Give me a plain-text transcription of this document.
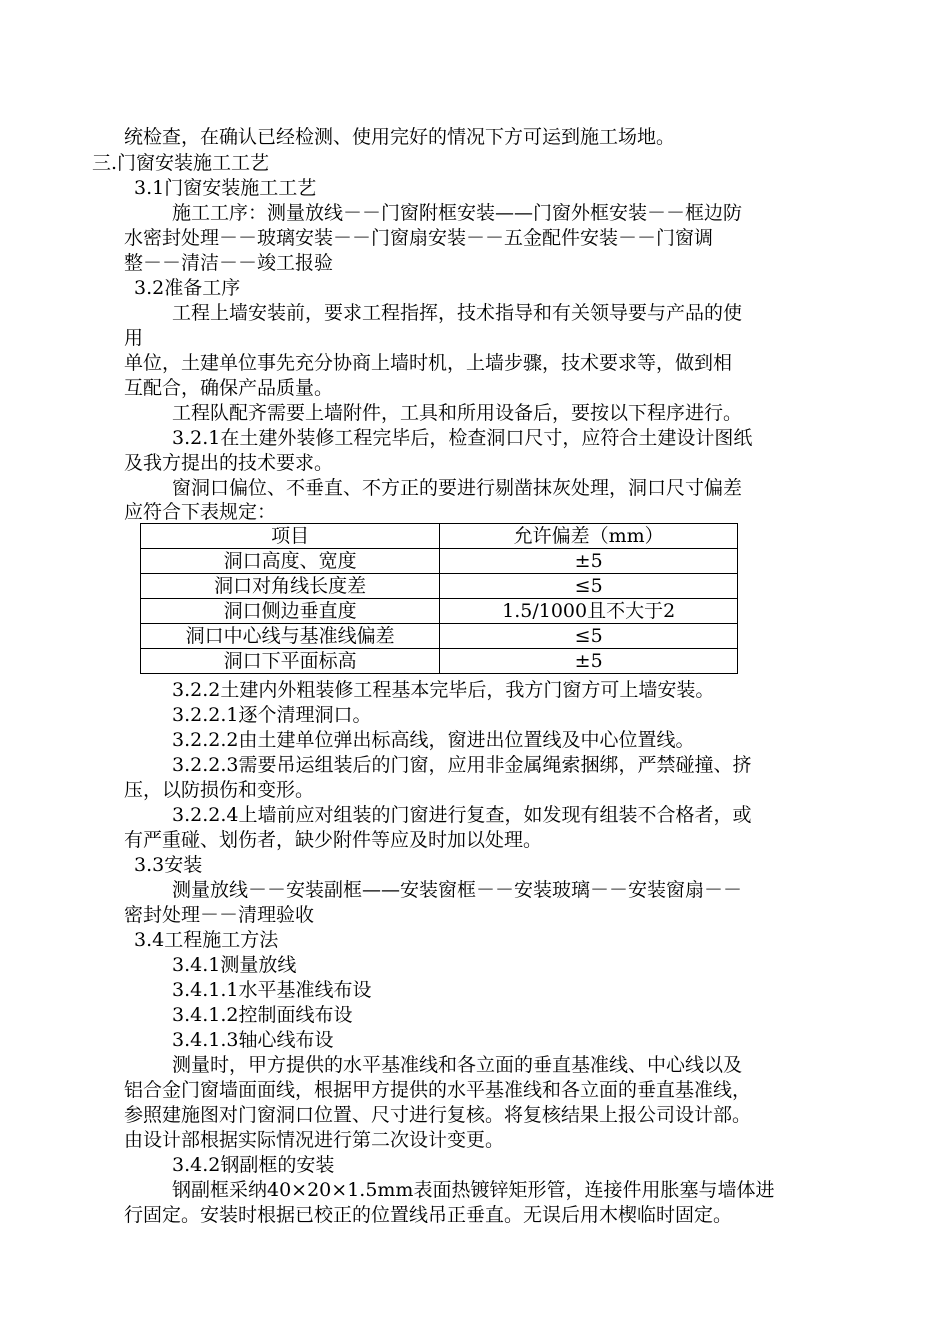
统检查，在确认已经检测、使用完好的情况下方可运到施工场地。
三.门窗安装施工工艺
3.1门窗安装施工工艺
施工工序：测量放线－－门窗附框安装——门窗外框安装－－框边防
水密封处理－－玻璃安装－－门窗扇安装－－五金配件安装－－门窗调
整－－清洁－－竣工报验
3.2准备工序
工程上墙安装前，要求工程指挥，技术指导和有关领导要与产品的使
用
单位，土建单位事先充分协商上墙时机，上墙步骤，技术要求等，做到相
互配合，确保产品质量。
工程队配齐需要上墙附件，工具和所用设备后，要按以下程序进行。
3.2.1在土建外装修工程完毕后，检查洞口尺寸，应符合土建设计图纸
及我方提出的技术要求。
窗洞口偏位、不垂直、不方正的要进行剔凿抹灰处理，洞口尺寸偏差
应符合下表规定：
项目	允许偏差（mm）
洞口高度、宽度	±5
洞口对角线长度差	≤5
洞口侧边垂直度	1.5/1000且不大于2
洞口中心线与基准线偏差	≤5
洞口下平面标高	±5
3.2.2土建内外粗装修工程基本完毕后，我方门窗方可上墙安装。
3.2.2.1逐个清理洞口。
3.2.2.2由土建单位弹出标高线，窗进出位置线及中心位置线。
3.2.2.3需要吊运组装后的门窗，应用非金属绳索捆绑，严禁碰撞、挤
压，以防损伤和变形。
3.2.2.4上墙前应对组装的门窗进行复查，如发现有组装不合格者，或
有严重碰、划伤者，缺少附件等应及时加以处理。
3.3安装
测量放线－－安装副框——安装窗框－－安装玻璃－－安装窗扇－－
密封处理－－清理验收
3.4工程施工方法
3.4.1测量放线
3.4.1.1水平基准线布设
3.4.1.2控制面线布设
3.4.1.3轴心线布设
测量时，甲方提供的水平基准线和各立面的垂直基准线、中心线以及
铝合金门窗墙面面线，根据甲方提供的水平基准线和各立面的垂直基准线，
参照建施图对门窗洞口位置、尺寸进行复核。将复核结果上报公司设计部。
由设计部根据实际情况进行第二次设计变更。
3.4.2钢副框的安装
钢副框采纳40×20×1.5mm表面热镀锌矩形管，连接件用胀塞与墙体进
行固定。安装时根据已校正的位置线吊正垂直。无误后用木楔临时固定。
